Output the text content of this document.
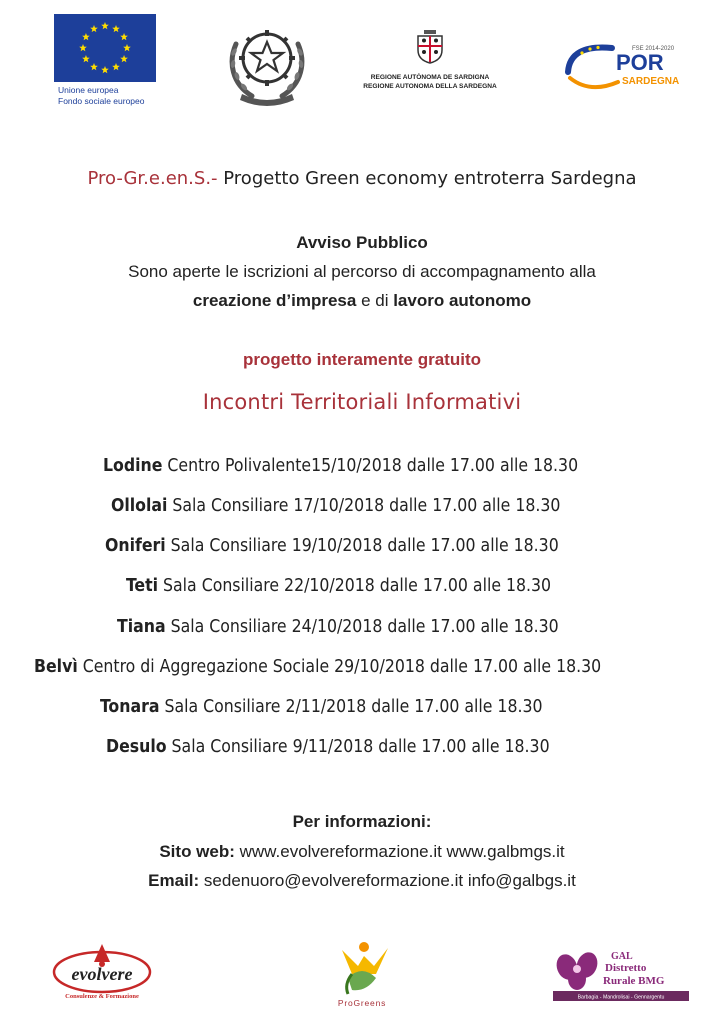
Unione europea
Fondo sociale europeo
REGIONE AUTÒNOMA DE SARDIGNA
REGIONE AUTONOMA DELLA SARDEGNA
FSE 2014-2020
POR
SARDEGNA
Pro-Gr.e.en.S.- Progetto Green economy entroterra Sardegna
Avviso Pubblico
Sono aperte le iscrizioni al percorso di accompagnamento alla
creazione d’impresa e di lavoro autonomo
progetto interamente gratuito
Incontri Territoriali Informativi
Lodine Centro Polivalente15/10/2018 dalle 17.00 alle 18.30
Ollolai Sala Consiliare 17/10/2018 dalle 17.00 alle 18.30
Oniferi Sala Consiliare 19/10/2018 dalle 17.00 alle 18.30
Teti Sala Consiliare 22/10/2018 dalle 17.00 alle 18.30
Tiana Sala Consiliare 24/10/2018 dalle 17.00 alle 18.30
Belvì Centro di Aggregazione Sociale 29/10/2018 dalle 17.00 alle 18.30
Tonara Sala Consiliare 2/11/2018 dalle 17.00 alle 18.30
Desulo Sala Consiliare 9/11/2018 dalle 17.00 alle 18.30
Per informazioni:
Sito web: www.evolvereformazione.it www.galbmgs.it
Email: sedenuoro@evolvereformazione.it info@galbgs.it
evolvere
Consulenze & Formazione
ProGreens
GAL
Distretto
Rurale BMG
Barbagia - Mandrolisai - Gennargentu
